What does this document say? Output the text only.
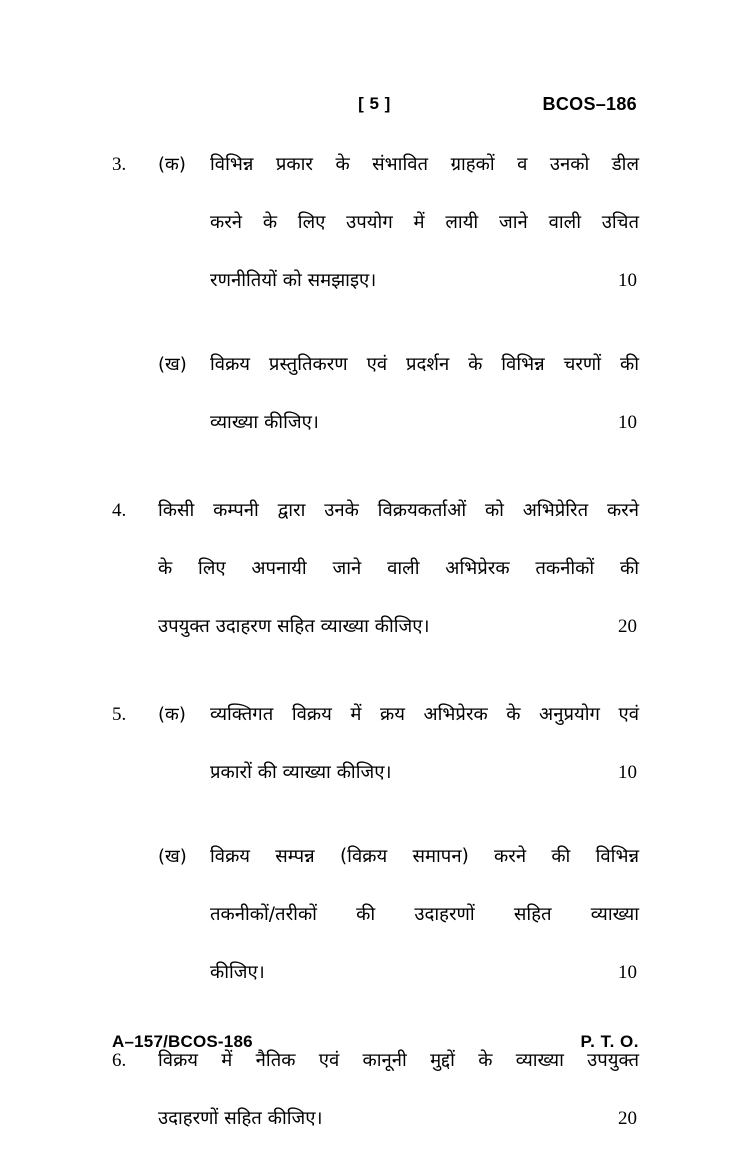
[ 5 ]	BCOS–186
3.	(क)	विभिन्न प्रकार के संभावित ग्राहकों व उनको डील
करने के लिए उपयोग में लायी जाने वाली उचित
रणनीतियों को समझाइए।	10
(ख)	विक्रय प्रस्तुतिकरण एवं प्रदर्शन के विभिन्न चरणों की
व्याख्या कीजिए।	10
4.	किसी कम्पनी द्वारा उनके विक्रयकर्ताओं को अभिप्रेरित करने
के लिए अपनायी जाने वाली अभिप्रेरक तकनीकों की
उपयुक्त उदाहरण सहित व्याख्या कीजिए।	20
5.	(क)	व्यक्तिगत विक्रय में क्रय अभिप्रेरक के अनुप्रयोग एवं
प्रकारों की व्याख्या कीजिए।	10
(ख)	विक्रय सम्पन्न (विक्रय समापन) करने की विभिन्न
तकनीकों/तरीकों की उदाहरणों सहित व्याख्या
कीजिए।	10
6.	विक्रय में नैतिक एवं कानूनी मुद्दों के व्याख्या उपयुक्त
उदाहरणों सहित कीजिए।	20
A–157/BCOS-186	P. T. O.
